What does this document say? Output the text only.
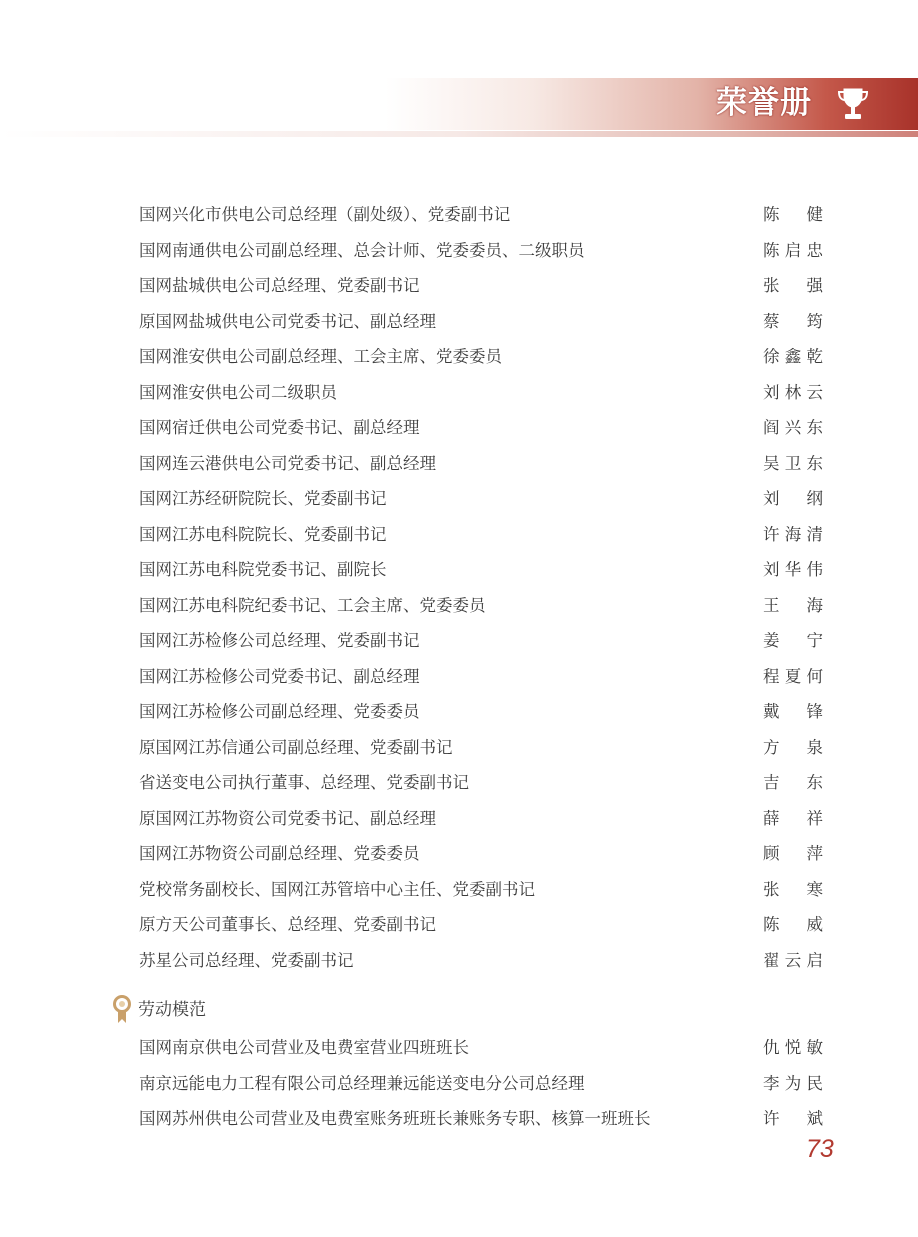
荣誉册
国网兴化市供电公司总经理（副处级）、党委副书记	陈　健
国网南通供电公司副总经理、总会计师、党委委员、二级职员	陈启忠
国网盐城供电公司总经理、党委副书记	张　强
原国网盐城供电公司党委书记、副总经理	蔡　筠
国网淮安供电公司副总经理、工会主席、党委委员	徐鑫乾
国网淮安供电公司二级职员	刘林云
国网宿迁供电公司党委书记、副总经理	阎兴东
国网连云港供电公司党委书记、副总经理	吴卫东
国网江苏经研院院长、党委副书记	刘　纲
国网江苏电科院院长、党委副书记	许海清
国网江苏电科院党委书记、副院长	刘华伟
国网江苏电科院纪委书记、工会主席、党委委员	王　海
国网江苏检修公司总经理、党委副书记	姜　宁
国网江苏检修公司党委书记、副总经理	程夏何
国网江苏检修公司副总经理、党委委员	戴　锋
原国网江苏信通公司副总经理、党委副书记	方　泉
省送变电公司执行董事、总经理、党委副书记	吉　东
原国网江苏物资公司党委书记、副总经理	薛　祥
国网江苏物资公司副总经理、党委委员	顾　萍
党校常务副校长、国网江苏管培中心主任、党委副书记	张　寒
原方天公司董事长、总经理、党委副书记	陈　威
苏星公司总经理、党委副书记	翟云启
劳动模范
国网南京供电公司营业及电费室营业四班班长	仇悦敏
南京远能电力工程有限公司总经理兼远能送变电分公司总经理	李为民
国网苏州供电公司营业及电费室账务班班长兼账务专职、核算一班班长	许　斌
73
